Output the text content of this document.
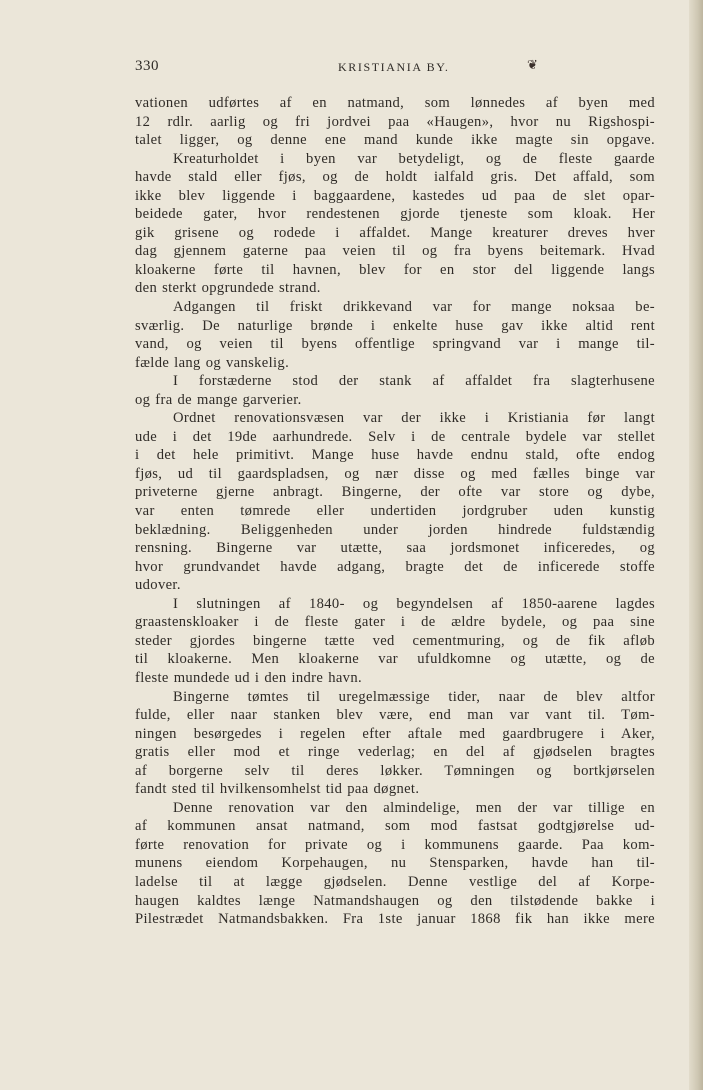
330	KRISTIANIA BY.	❦
vationen udførtes af en natmand, som lønnedes af byen med
12 rdlr. aarlig og fri jordvei paa «Haugen», hvor nu Rigshospi-
talet ligger, og denne ene mand kunde ikke magte sin opgave.
Kreaturholdet i byen var betydeligt, og de fleste gaarde
havde stald eller fjøs, og de holdt ialfald gris. Det affald, som
ikke blev liggende i baggaardene, kastedes ud paa de slet opar-
beidede gater, hvor rendestenen gjorde tjeneste som kloak. Her
gik grisene og rodede i affaldet. Mange kreaturer dreves hver
dag gjennem gaterne paa veien til og fra byens beitemark. Hvad
kloakerne førte til havnen, blev for en stor del liggende langs
den sterkt opgrundede strand.
Adgangen til friskt drikkevand var for mange noksaa be-
sværlig. De naturlige brønde i enkelte huse gav ikke altid rent
vand, og veien til byens offentlige springvand var i mange til-
fælde lang og vanskelig.
I forstæderne stod der stank af affaldet fra slagterhusene
og fra de mange garverier.
Ordnet renovationsvæsen var der ikke i Kristiania før langt
ude i det 19de aarhundrede. Selv i de centrale bydele var stellet
i det hele primitivt. Mange huse havde endnu stald, ofte endog
fjøs, ud til gaardspladsen, og nær disse og med fælles binge var
priveterne gjerne anbragt. Bingerne, der ofte var store og dybe,
var enten tømrede eller undertiden jordgruber uden kunstig
beklædning. Beliggenheden under jorden hindrede fuldstændig
rensning. Bingerne var utætte, saa jordsmonet inficeredes, og
hvor grundvandet havde adgang, bragte det de inficerede stoffe
udover.
I slutningen af 1840- og begyndelsen af 1850-aarene lagdes
graastenskloaker i de fleste gater i de ældre bydele, og paa sine
steder gjordes bingerne tætte ved cementmuring, og de fik afløb
til kloakerne. Men kloakerne var ufuldkomne og utætte, og de
fleste mundede ud i den indre havn.
Bingerne tømtes til uregelmæssige tider, naar de blev altfor
fulde, eller naar stanken blev være, end man var vant til. Tøm-
ningen besørgedes i regelen efter aftale med gaardbrugere i Aker,
gratis eller mod et ringe vederlag; en del af gjødselen bragtes
af borgerne selv til deres løkker. Tømningen og bortkjørselen
fandt sted til hvilkensomhelst tid paa døgnet.
Denne renovation var den almindelige, men der var tillige en
af kommunen ansat natmand, som mod fastsat godtgjørelse ud-
førte renovation for private og i kommunens gaarde. Paa kom-
munens eiendom Korpehaugen, nu Stensparken, havde han til-
ladelse til at lægge gjødselen. Denne vestlige del af Korpe-
haugen kaldtes længe Natmandshaugen og den tilstødende bakke i
Pilestrædet Natmandsbakken. Fra 1ste januar 1868 fik han ikke mere
